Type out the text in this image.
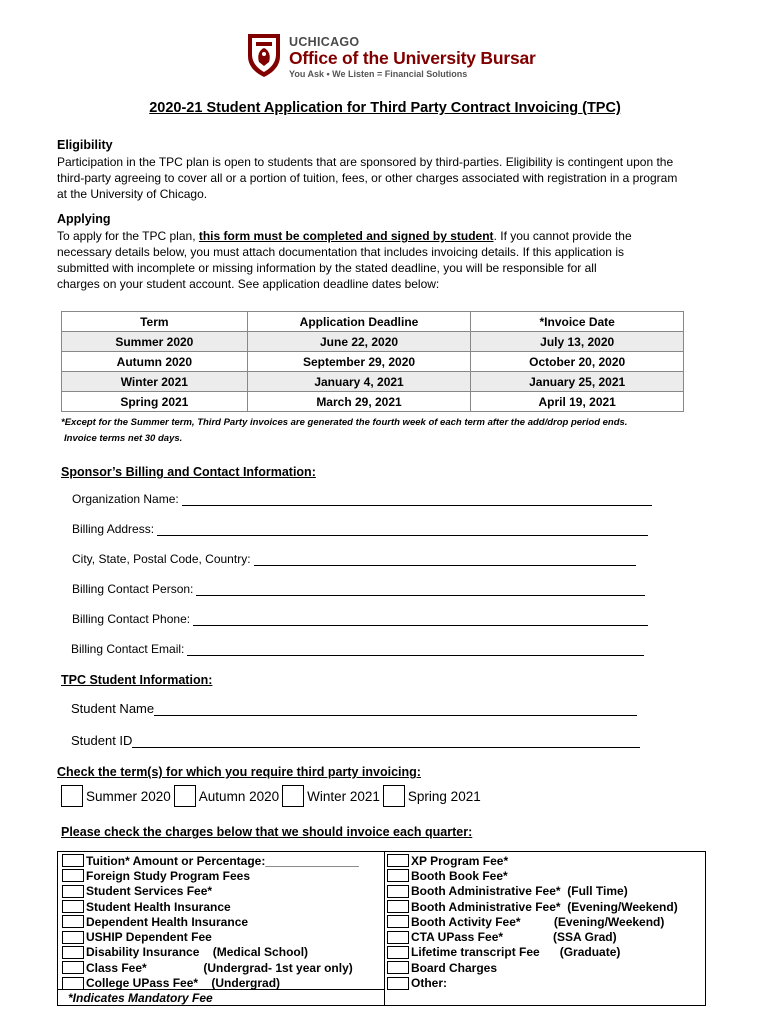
UCHICAGO
Office of the University Bursar
You Ask • We Listen = Financial Solutions
2020-21 Student Application for Third Party Contract Invoicing (TPC)
Eligibility
Participation in the TPC plan is open to students that are sponsored by third-parties. Eligibility is contingent upon the
third-party agreeing to cover all or a portion of tuition, fees, or other charges associated with registration in a program
at the University of Chicago.
Applying
To apply for the TPC plan, this form must be completed and signed by student. If you cannot provide the
necessary details below, you must attach documentation that includes invoicing details. If this application is
submitted with incomplete or missing information by the stated deadline, you will be responsible for all
charges on your student account. See application deadline dates below:
Term	Application Deadline	*Invoice Date
Summer 2020	June 22, 2020	July 13, 2020
Autumn 2020	September 29, 2020	October 20, 2020
Winter 2021	January 4, 2021	January 25, 2021
Spring 2021	March 29, 2021	April 19, 2021
*Except for the Summer term, Third Party invoices are generated the fourth week of each term after the add/drop period ends.
Invoice terms net 30 days.
Sponsor’s Billing and Contact Information:
Organization Name:
Billing Address:
City, State, Postal Code, Country:
Billing Contact Person:
Billing Contact Phone:
Billing Contact Email:
TPC Student Information:
Student Name
Student ID
Check the term(s) for which you require third party invoicing:
Summer 2020 Autumn 2020 Winter 2021 Spring 2021
Please check the charges below that we should invoice each quarter:
Tuition* Amount or Percentage:______________
Foreign Study Program Fees
Student Services Fee*
Student Health Insurance
Dependent Health Insurance
USHIP Dependent Fee
Disability Insurance    (Medical School)
Class Fee*                 (Undergrad- 1st year only)
College UPass Fee*    (Undergrad)
XP Program Fee*
Booth Book Fee*
Booth Administrative Fee*  (Full Time)
Booth Administrative Fee*  (Evening/Weekend)
Booth Activity Fee*          (Evening/Weekend)
CTA UPass Fee*               (SSA Grad)
Lifetime transcript Fee      (Graduate)
Board Charges
Other:
*Indicates Mandatory Fee
